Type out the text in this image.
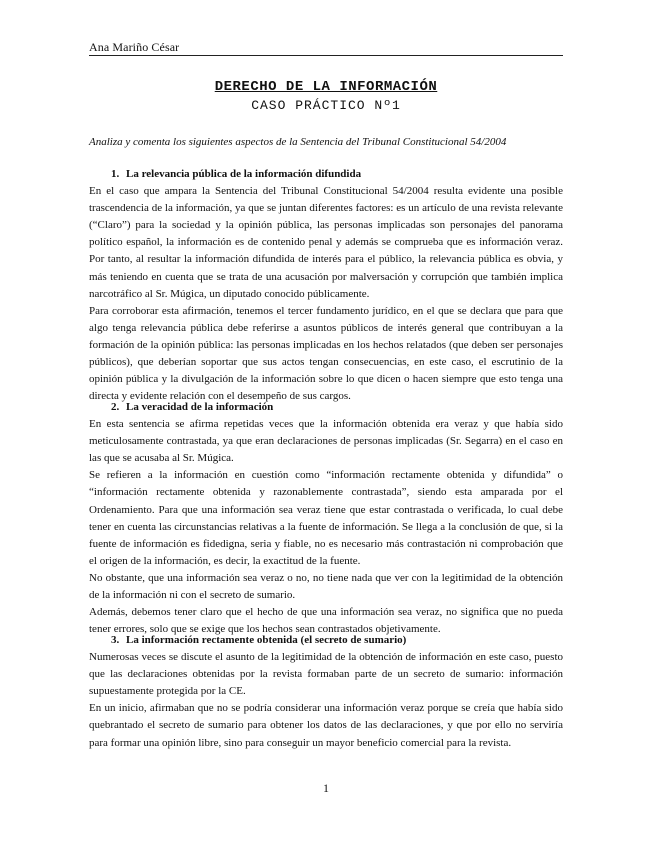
Ana Mariño César
DERECHO DE LA INFORMACIÓN
CASO PRÁCTICO Nº1
Analiza y comenta los siguientes aspectos de la Sentencia del Tribunal Constitucional 54/2004

1. La relevancia pública de la información difundida

En el caso que ampara la Sentencia del Tribunal Constitucional 54/2004 resulta evidente una posible trascendencia de la información, ya que se juntan diferentes factores: es un artículo de una revista relevante (“Claro”) para la sociedad y la opinión pública, las personas implicadas son personajes del panorama político español, la información es de contenido penal y además se comprueba que es información veraz. Por tanto, al resultar la información difundida de interés para el público, la relevancia pública es obvia, y más teniendo en cuenta que se trata de una acusación por malversación y corrupción que también implica narcotráfico al Sr. Múgica, un diputado conocido públicamente.

Para corroborar esta afirmación, tenemos el tercer fundamento jurídico, en el que se declara que para que algo tenga relevancia pública debe referirse a asuntos públicos de interés general que contribuyan a la formación de la opinión pública: las personas implicadas en los hechos relatados (que deben ser personajes públicos), que deberían soportar que sus actos tengan consecuencias, en este caso, el escrutinio de la opinión pública y la divulgación de la información sobre lo que dicen o hacen siempre que esto tenga una directa y evidente relación con el desempeño de sus cargos.

2. La veracidad de la información

En esta sentencia se afirma repetidas veces que la información obtenida era veraz y que había sido meticulosamente contrastada, ya que eran declaraciones de personas implicadas (Sr. Segarra) en el caso en las que se acusaba al Sr. Múgica.

Se refieren a la información en cuestión como “información rectamente obtenida y difundida” o “información rectamente obtenida y razonablemente contrastada”, siendo esta amparada por el Ordenamiento. Para que una información sea veraz tiene que estar contrastada o verificada, lo cual debe tener en cuenta las circunstancias relativas a la fuente de información. Se llega a la conclusión de que, si la fuente de información es fidedigna, seria y fiable, no es necesario más contrastación ni comprobación que el origen de la información, es decir, la exactitud de la fuente.

No obstante, que una información sea veraz o no, no tiene nada que ver con la legitimidad de la obtención de la información ni con el secreto de sumario.

Además, debemos tener claro que el hecho de que una información sea veraz, no significa que no pueda tener errores, solo que se exige que los hechos sean contrastados objetivamente.

3. La información rectamente obtenida (el secreto de sumario)

Numerosas veces se discute el asunto de la legitimidad de la obtención de información en este caso, puesto que las declaraciones obtenidas por la revista formaban parte de un secreto de sumario: información supuestamente protegida por la CE.

En un inicio, afirmaban que no se podría considerar una información veraz porque se creía que había sido quebrantado el secreto de sumario para obtener los datos de las declaraciones, y que por ello no serviría para formar una opinión libre, sino para conseguir un mayor beneficio comercial para la revista.

1
